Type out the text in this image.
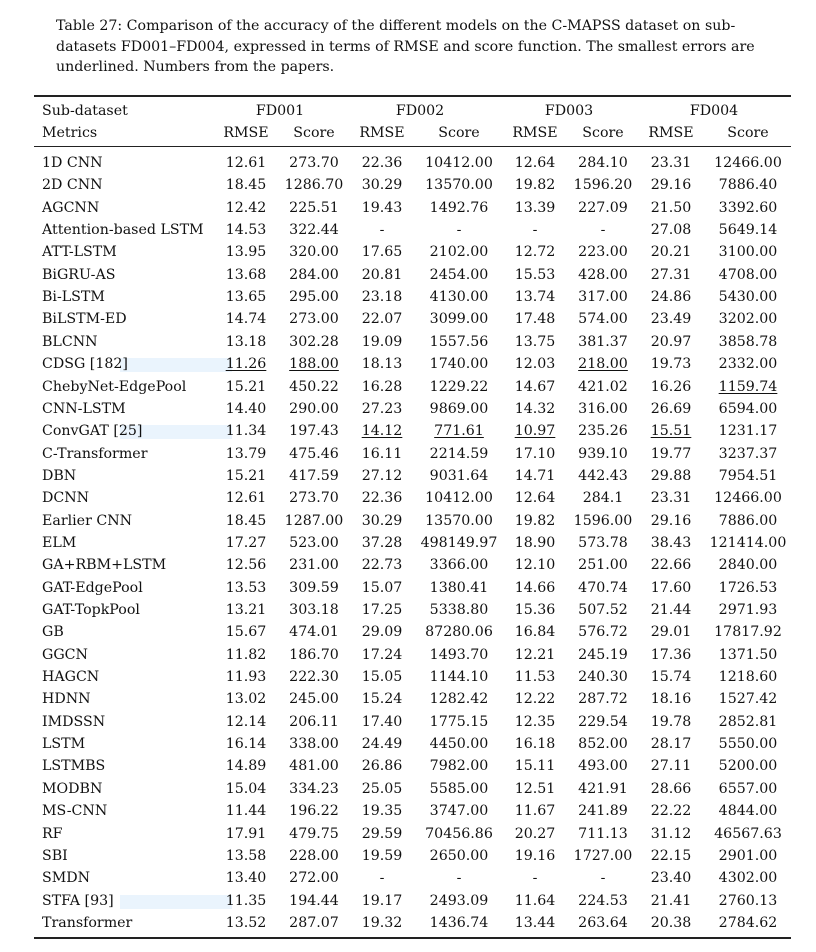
Table 27: Comparison of the accuracy of the different models on the C-MAPSS dataset on sub-datasets FD001–FD004, expressed in terms of RMSE and score function. The smallest errors are underlined. Numbers from the papers.
Sub-dataset
Metrics
FD001	FD002	FD003	FD004
RMSE Score RMSE Score RMSE Score RMSE Score
1D CNN	12.61 273.70 22.36 10412.00 12.64 284.10 23.31 12466.00
2D CNN	18.45 1286.70 30.29 13570.00 19.82 1596.20 29.16 7886.40
AGCNN	12.42 225.51 19.43 1492.76 13.39 227.09 21.50 3392.60
Attention-based LSTM 14.53 322.44	-	-	-	-	27.08 5649.14
ATT-LSTM	13.95 320.00 17.65 2102.00 12.72 223.00 20.21 3100.00
BiGRU-AS	13.68 284.00 20.81 2454.00 15.53 428.00 27.31 4708.00
Bi-LSTM	13.65 295.00 23.18 4130.00 13.74 317.00 24.86 5430.00
BiLSTM-ED	14.74 273.00 22.07 3099.00 17.48 574.00 23.49 3202.00
BLCNN	13.18 302.28 19.09 1557.56 13.75 381.37 20.97 3858.78
CDSG [182]	11.26 188.00 18.13 1740.00 12.03 218.00 19.73 2332.00
ChebyNet-EdgePool	15.21 450.22 16.28 1229.22 14.67 421.02 16.26 1159.74
CNN-LSTM	14.40 290.00 27.23 9869.00 14.32 316.00 26.69 6594.00
ConvGAT [25]	11.34 197.43 14.12 771.61 10.97 235.26 15.51 1231.17
C-Transformer	13.79 475.46 16.11 2214.59 17.10 939.10 19.77 3237.37
DBN	15.21 417.59 27.12 9031.64 14.71 442.43 29.88 7954.51
DCNN	12.61 273.70 22.36 10412.00 12.64 284.1 23.31 12466.00
Earlier CNN	18.45 1287.00 30.29 13570.00 19.82 1596.00 29.16 7886.00
ELM	17.27 523.00 37.28 498149.97 18.90 573.78 38.43 121414.00
GA+RBM+LSTM	12.56 231.00 22.73 3366.00 12.10 251.00 22.66 2840.00
GAT-EdgePool	13.53 309.59 15.07 1380.41 14.66 470.74 17.60 1726.53
GAT-TopkPool	13.21 303.18 17.25 5338.80 15.36 507.52 21.44 2971.93
GB	15.67 474.01 29.09 87280.06 16.84 576.72 29.01 17817.92
GGCN	11.82 186.70 17.24 1493.70 12.21 245.19 17.36 1371.50
HAGCN	11.93 222.30 15.05 1144.10 11.53 240.30 15.74 1218.60
HDNN	13.02 245.00 15.24 1282.42 12.22 287.72 18.16 1527.42
IMDSSN	12.14 206.11 17.40 1775.15 12.35 229.54 19.78 2852.81
LSTM	16.14 338.00 24.49 4450.00 16.18 852.00 28.17 5550.00
LSTMBS	14.89 481.00 26.86 7982.00 15.11 493.00 27.11 5200.00
MODBN	15.04 334.23 25.05 5585.00 12.51 421.91 28.66 6557.00
MS-CNN	11.44 196.22 19.35 3747.00 11.67 241.89 22.22 4844.00
RF	17.91 479.75 29.59 70456.86 20.27 711.13 31.12 46567.63
SBI	13.58 228.00 19.59 2650.00 19.16 1727.00 22.15 2901.00
SMDN	13.40 272.00	-	-	-	-	23.40 4302.00
STFA [93]	11.35 194.44 19.17 2493.09 11.64 224.53 21.41 2760.13
Transformer	13.52 287.07 19.32 1436.74 13.44 263.64 20.38 2784.62
